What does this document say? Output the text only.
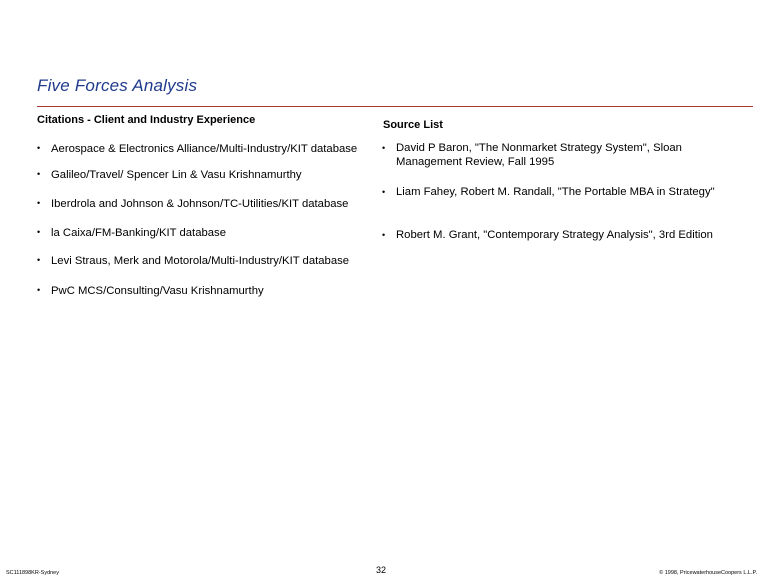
Five Forces Analysis
Citations - Client and Industry Experience	Source List
• Aerospace & Electronics Alliance/Multi-Industry/KIT database
• Galileo/Travel/ Spencer Lin & Vasu Krishnamurthy
• Iberdrola and Johnson & Johnson/TC-Utilities/KIT database
• la Caixa/FM-Banking/KIT database
• Levi Straus, Merk and Motorola/Multi-Industry/KIT database
• PwC MCS/Consulting/Vasu Krishnamurthy
• David P Baron, "The Nonmarket Strategy System", Sloan Management Review, Fall 1995
• Liam Fahey, Robert M. Randall, "The Portable MBA in Strategy"
• Robert M. Grant, "Contemporary Strategy Analysis", 3rd Edition
SC111898KR-Sydney	32	© 1998, PricewaterhouseCoopers L.L.P.
